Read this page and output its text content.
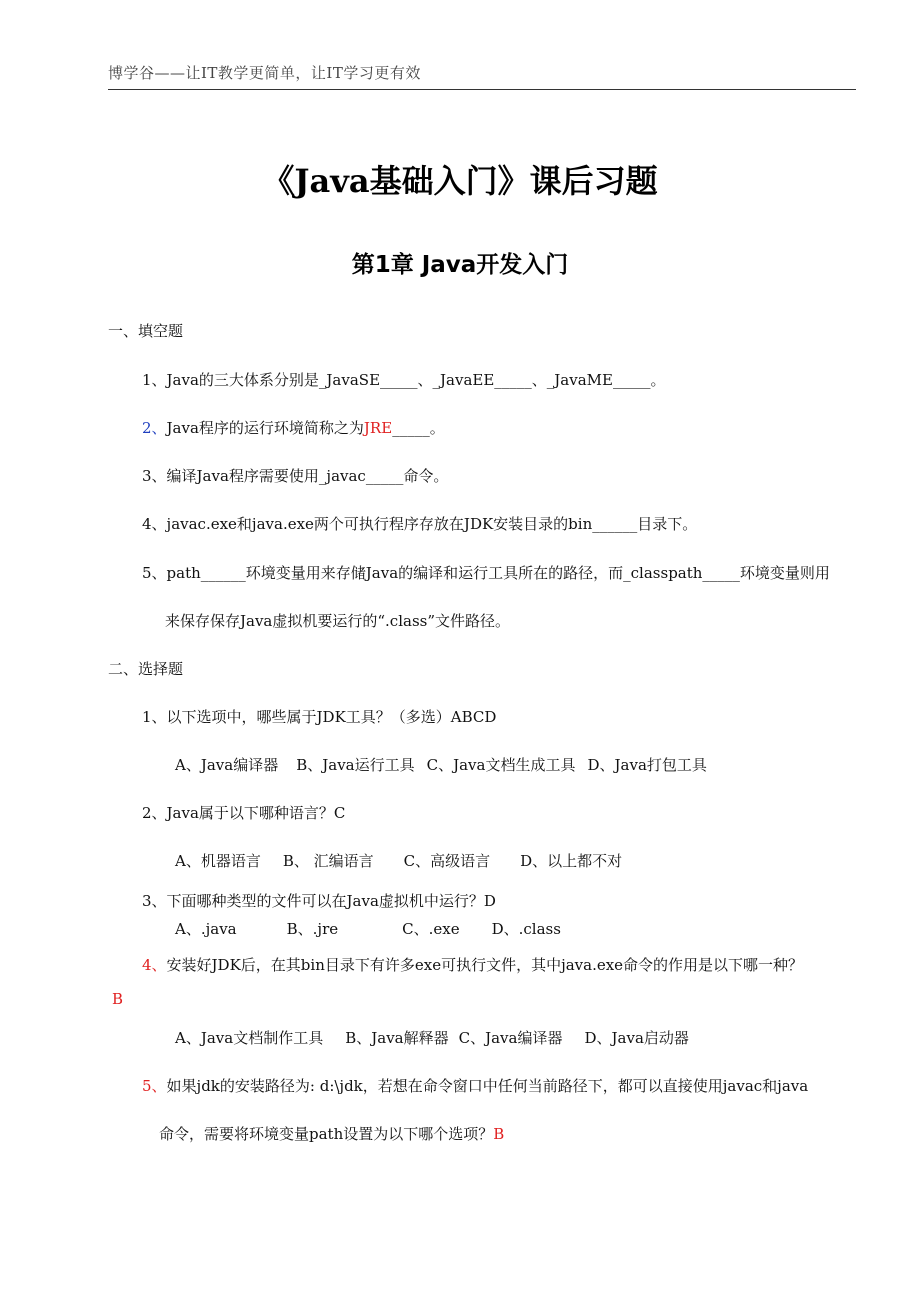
博学谷——让IT教学更简单，让IT学习更有效
《Java基础入门》课后习题
第1章 Java开发入门
一、填空题
1、Java的三大体系分别是_JavaSE_____、_JavaEE_____、_JavaME_____。
2、Java程序的运行环境简称之为JRE_____。
3、编译Java程序需要使用_javac_____命令。
4、javac.exe和java.exe两个可执行程序存放在JDK安装目录的bin______目录下。
5、path______环境变量用来存储Java的编译和运行工具所在的路径，而_classpath_____环境变量则用
来保存保存Java虚拟机要运行的“.class”文件路径。
二、选择题
1、以下选项中，哪些属于JDK工具？（多选）ABCD
A、Java编译器 B、Java运行工具 C、Java文档生成工具 D、Java打包工具
2、Java属于以下哪种语言？C
A、机器语言 B、 汇编语言 C、高级语言 D、以上都不对
3、下面哪种类型的文件可以在Java虚拟机中运行？D
A、.java	B、.jre	C、.exe D、.class
4、安装好JDK后，在其bin目录下有许多exe可执行文件，其中java.exe命令的作用是以下哪一种？
B
A、Java文档制作工具 B、Java解释器 C、Java编译器 D、Java启动器
5、如果jdk的安装路径为: d:\jdk，若想在命令窗口中任何当前路径下，都可以直接使用javac和java
命令，需要将环境变量path设置为以下哪个选项？B
